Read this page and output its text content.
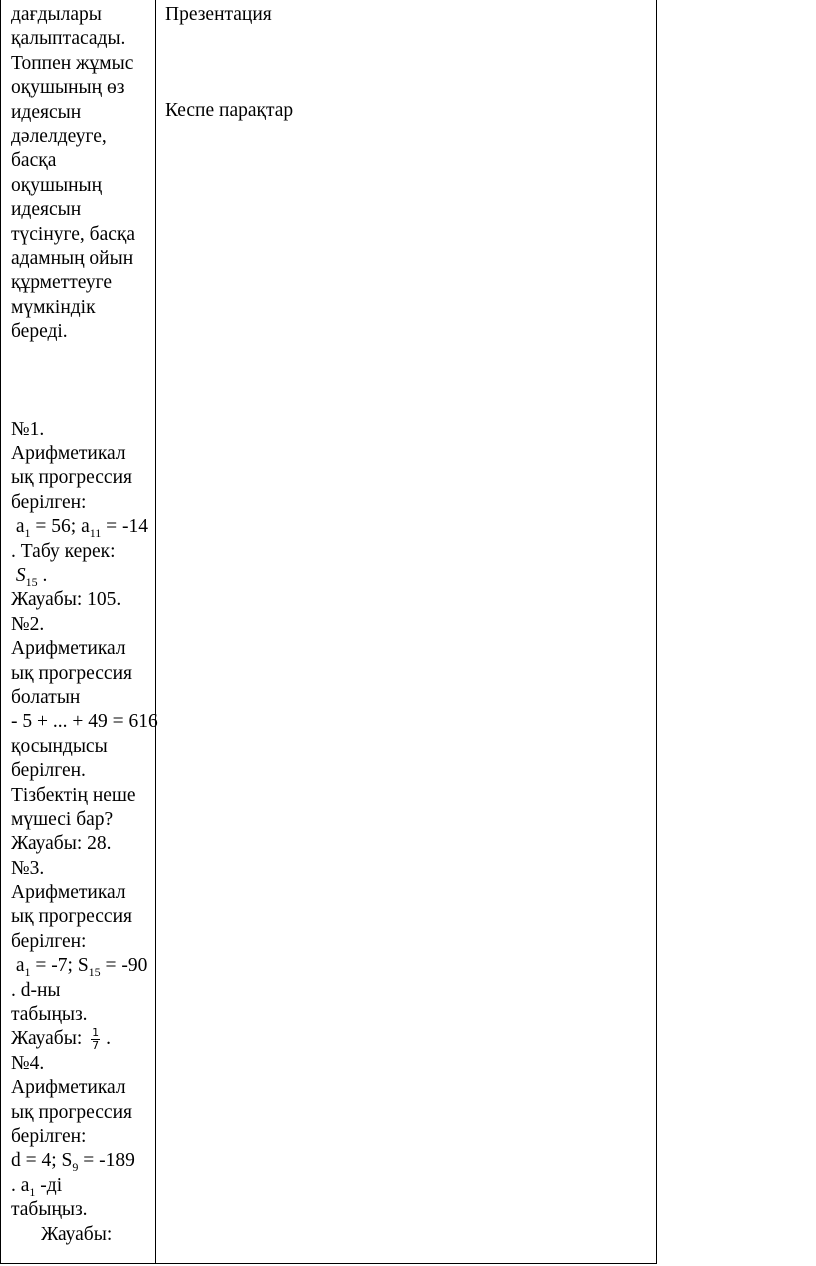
дағдылары
қалыптасады.
Топпен жұмыс
оқушының өз
идеясын
дәлелдеуге,
басқа
оқушының
идеясын
түсінуге, басқа
адамның ойын
құрметтеуге
мүмкіндік
береді.
№1.
Арифметикал
ық прогрессия
берілген:
$a_1 = 56$; $a_{11} = -14$
. Табу керек:
$S_{15}$ .
Жауабы: 105.
№2.
Арифметикал
ық прогрессия
болатын
- 5 + ... + 49 = 616
қосындысы
берілген.
Тізбектің неше
мүшесі бар?
Жауабы: 28.
№3.
Арифметикал
ық прогрессия
берілген:
$a_1 = -7$; $S_{15} = -90$
. d-ны
табыңыз.
Жауабы: $\frac{1}{7}$ .
№4.
Арифметикал
ық прогрессия
берілген:
d = 4; $S_9 = -189$
. $a_1$ -ді
табыңыз.
Жауабы:
Презентация
Кеспе парақтар
